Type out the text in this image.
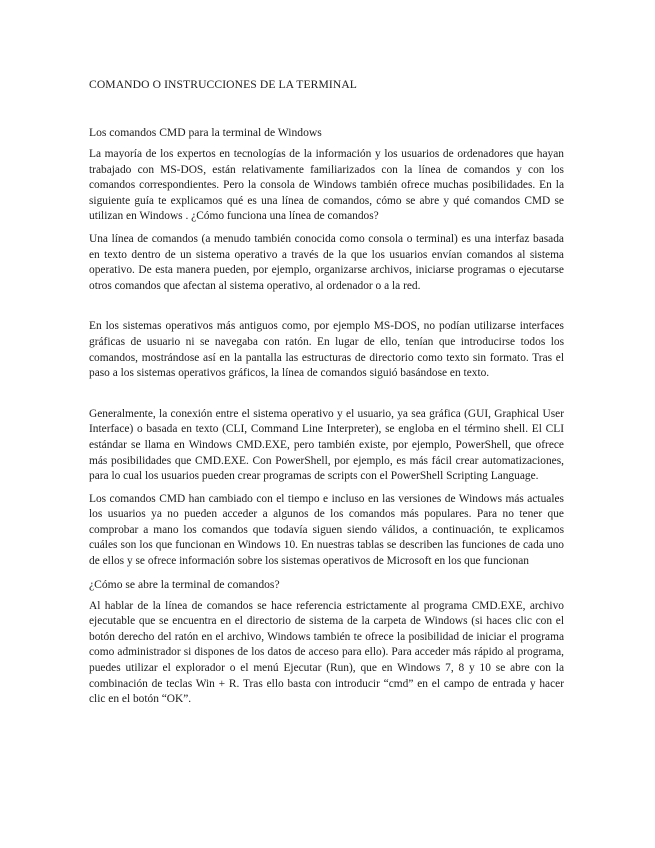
COMANDO O INSTRUCCIONES DE LA TERMINAL
Los comandos CMD para la terminal de Windows

La mayoría de los expertos en tecnologías de la información y los usuarios de ordenadores que hayan trabajado con MS-DOS, están relativamente familiarizados con la línea de comandos y con los comandos correspondientes. Pero la consola de Windows también ofrece muchas posibilidades. En la siguiente guía te explicamos qué es una línea de comandos, cómo se abre y qué comandos CMD se utilizan en Windows . ¿Cómo funciona una línea de comandos?

Una línea de comandos (a menudo también conocida como consola o terminal) es una interfaz basada en texto dentro de un sistema operativo a través de la que los usuarios envían comandos al sistema operativo. De esta manera pueden, por ejemplo, organizarse archivos, iniciarse programas o ejecutarse otros comandos que afectan al sistema operativo, al ordenador o a la red.

En los sistemas operativos más antiguos como, por ejemplo MS-DOS, no podían utilizarse interfaces gráficas de usuario ni se navegaba con ratón. En lugar de ello, tenían que introducirse todos los comandos, mostrándose así en la pantalla las estructuras de directorio como texto sin formato. Tras el paso a los sistemas operativos gráficos, la línea de comandos siguió basándose en texto.

Generalmente, la conexión entre el sistema operativo y el usuario, ya sea gráfica (GUI, Graphical User Interface) o basada en texto (CLI, Command Line Interpreter), se engloba en el término shell. El CLI estándar se llama en Windows CMD.EXE, pero también existe, por ejemplo, PowerShell, que ofrece más posibilidades que CMD.EXE. Con PowerShell, por ejemplo, es más fácil crear automatizaciones, para lo cual los usuarios pueden crear programas de scripts con el PowerShell Scripting Language.

Los comandos CMD han cambiado con el tiempo e incluso en las versiones de Windows más actuales los usuarios ya no pueden acceder a algunos de los comandos más populares. Para no tener que comprobar a mano los comandos que todavía siguen siendo válidos, a continuación, te explicamos cuáles son los que funcionan en Windows 10. En nuestras tablas se describen las funciones de cada uno de ellos y se ofrece información sobre los sistemas operativos de Microsoft en los que funcionan

¿Cómo se abre la terminal de comandos?

Al hablar de la línea de comandos se hace referencia estrictamente al programa CMD.EXE, archivo ejecutable que se encuentra en el directorio de sistema de la carpeta de Windows (si haces clic con el botón derecho del ratón en el archivo, Windows también te ofrece la posibilidad de iniciar el programa como administrador si dispones de los datos de acceso para ello). Para acceder más rápido al programa, puedes utilizar el explorador o el menú Ejecutar (Run), que en Windows 7, 8 y 10 se abre con la combinación de teclas Win + R. Tras ello basta con introducir “cmd” en el campo de entrada y hacer clic en el botón “OK”.
